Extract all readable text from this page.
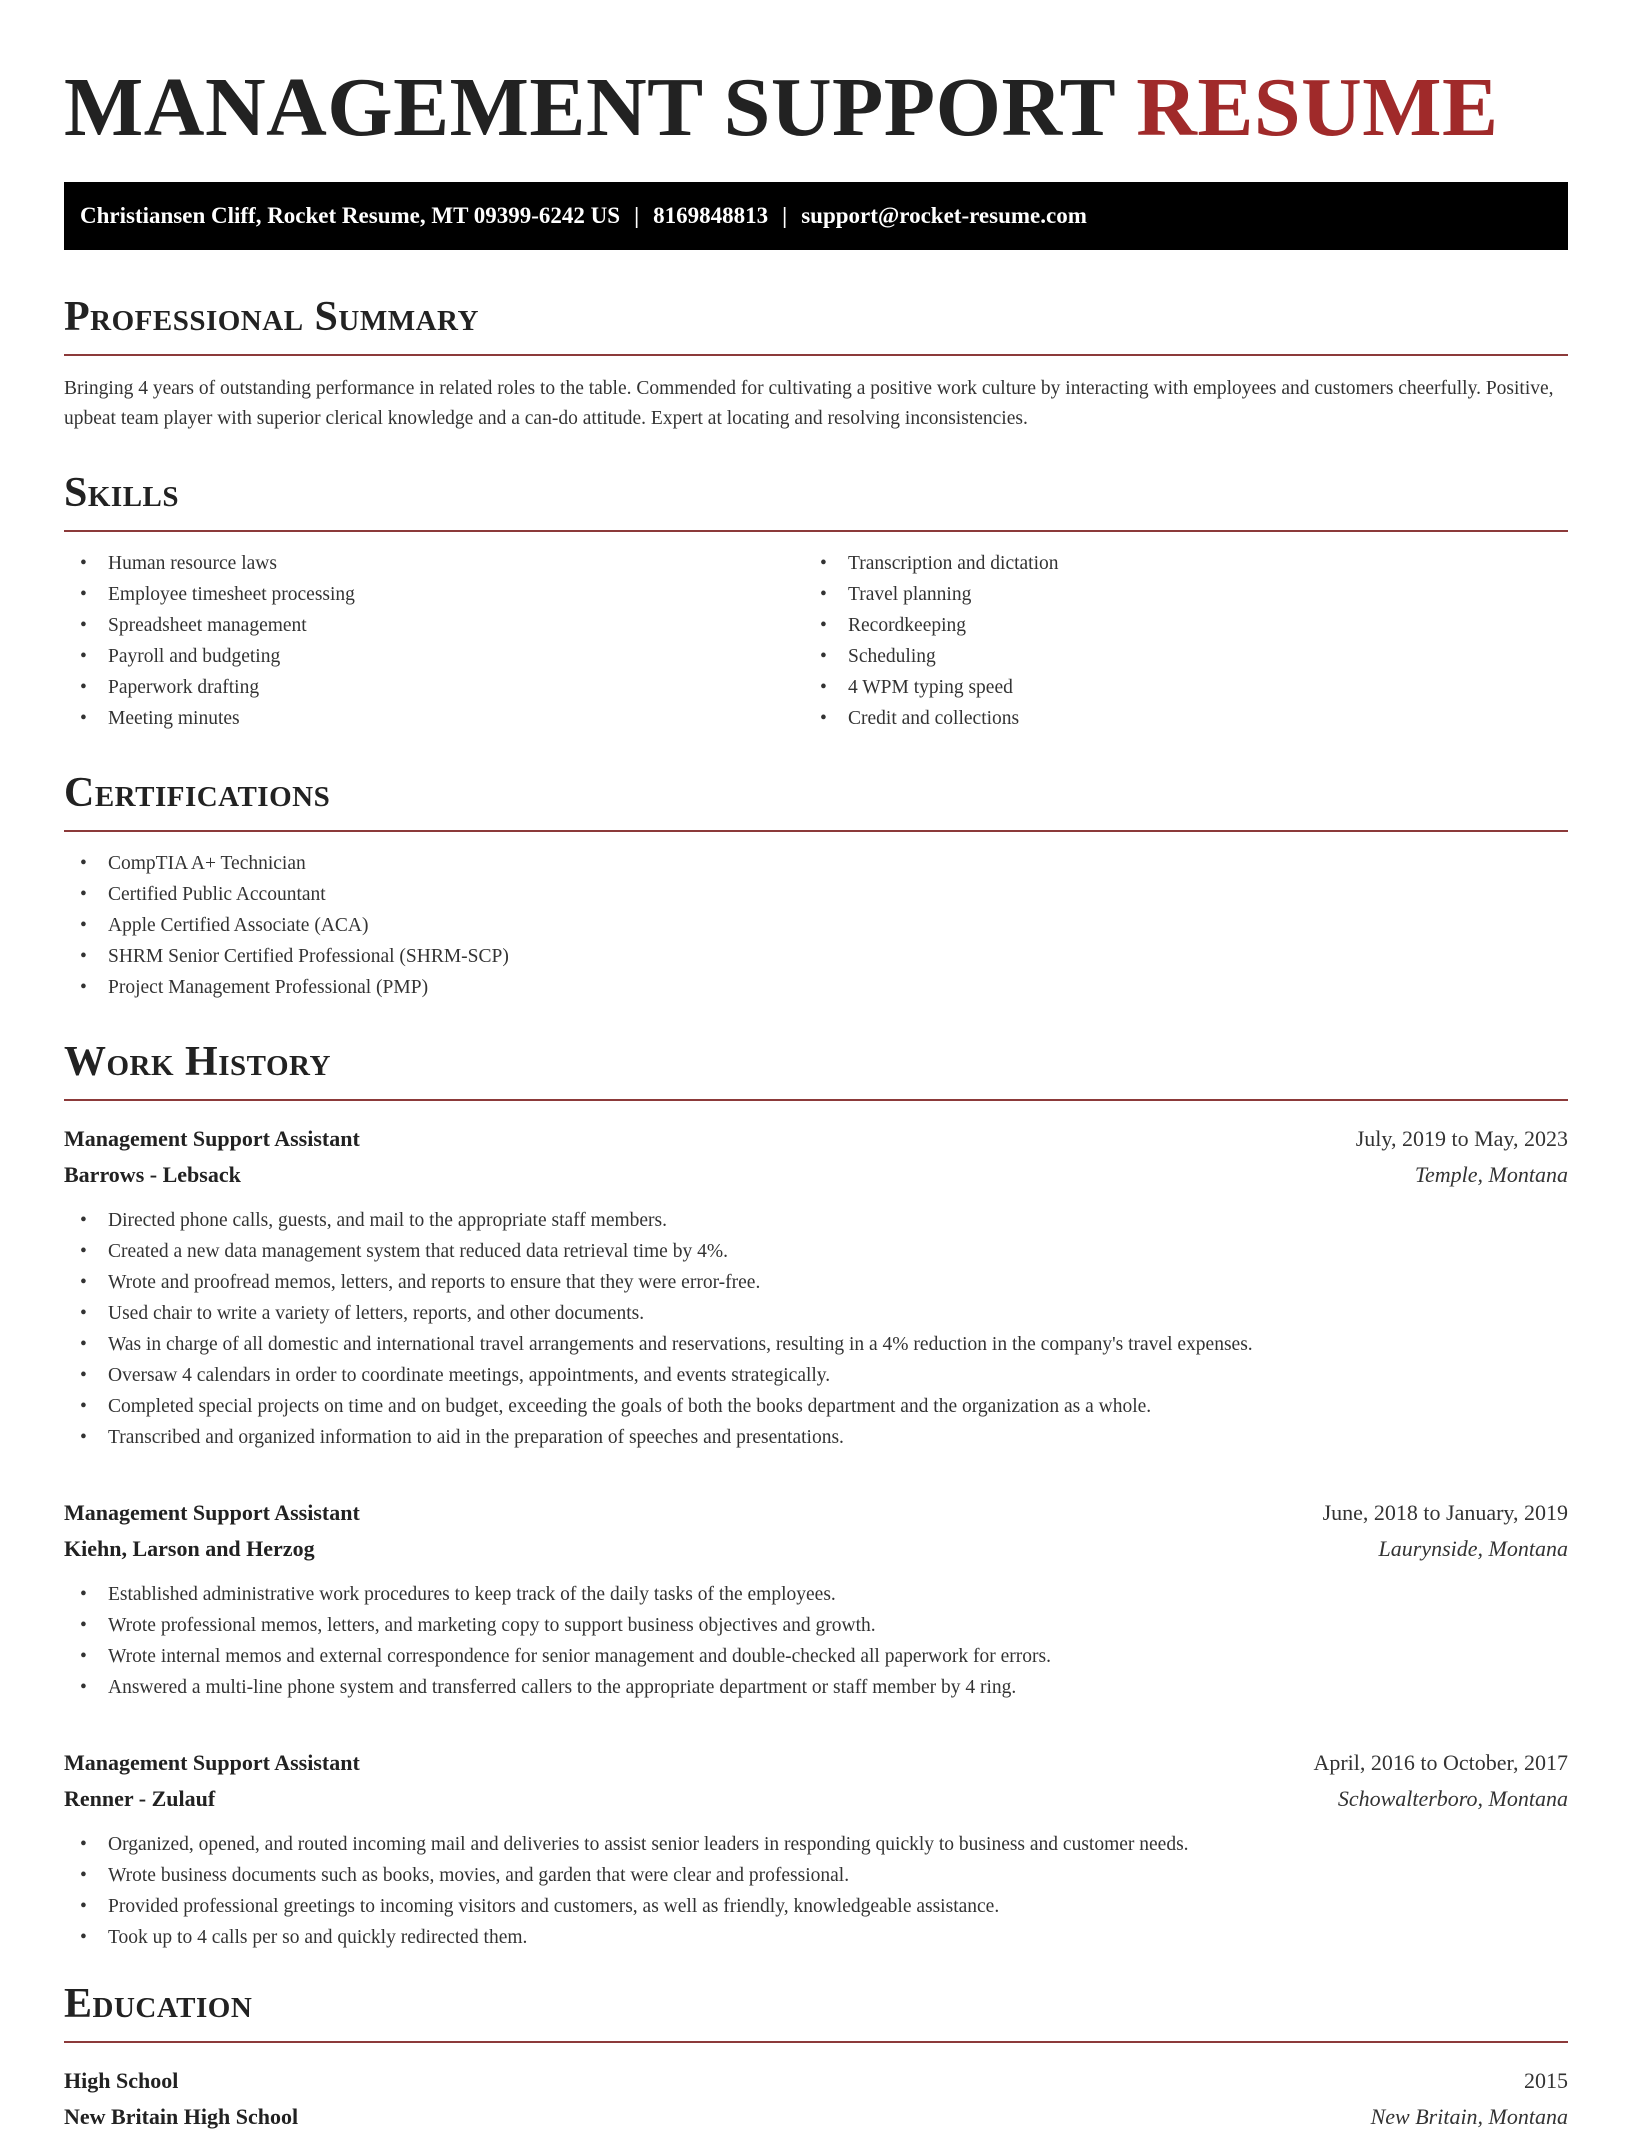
MANAGEMENT SUPPORT RESUME
Christiansen Cliff, Rocket Resume, MT 09399-6242 US | 8169848813 | support@rocket-resume.com
Professional Summary

Bringing 4 years of outstanding performance in related roles to the table. Commended for cultivating a positive work culture by interacting with employees and customers cheerfully. Positive, upbeat team player with superior clerical knowledge and a can-do attitude. Expert at locating and resolving inconsistencies.

Skills
• Human resource laws
• Employee timesheet processing
• Spreadsheet management
• Payroll and budgeting
• Paperwork drafting
• Meeting minutes
• Transcription and dictation
• Travel planning
• Recordkeeping
• Scheduling
• 4 WPM typing speed
• Credit and collections
Certifications
• CompTIA A+ Technician
• Certified Public Accountant
• Apple Certified Associate (ACA)
• SHRM Senior Certified Professional (SHRM-SCP)
• Project Management Professional (PMP)
Work History
Management Support Assistant	July, 2019 to May, 2023
Barrows - Lebsack	Temple, Montana
• Directed phone calls, guests, and mail to the appropriate staff members.
• Created a new data management system that reduced data retrieval time by 4%.
• Wrote and proofread memos, letters, and reports to ensure that they were error-free.
• Used chair to write a variety of letters, reports, and other documents.
• Was in charge of all domestic and international travel arrangements and reservations, resulting in a 4% reduction in the company's travel expenses.
• Oversaw 4 calendars in order to coordinate meetings, appointments, and events strategically.
• Completed special projects on time and on budget, exceeding the goals of both the books department and the organization as a whole.
• Transcribed and organized information to aid in the preparation of speeches and presentations.
Management Support Assistant	June, 2018 to January, 2019
Kiehn, Larson and Herzog	Laurynside, Montana
• Established administrative work procedures to keep track of the daily tasks of the employees.
• Wrote professional memos, letters, and marketing copy to support business objectives and growth.
• Wrote internal memos and external correspondence for senior management and double-checked all paperwork for errors.
• Answered a multi-line phone system and transferred callers to the appropriate department or staff member by 4 ring.
Management Support Assistant	April, 2016 to October, 2017
Renner - Zulauf	Schowalterboro, Montana
• Organized, opened, and routed incoming mail and deliveries to assist senior leaders in responding quickly to business and customer needs.
• Wrote business documents such as books, movies, and garden that were clear and professional.
• Provided professional greetings to incoming visitors and customers, as well as friendly, knowledgeable assistance.
• Took up to 4 calls per so and quickly redirected them.
Education
High School	2015
New Britain High School	New Britain, Montana
